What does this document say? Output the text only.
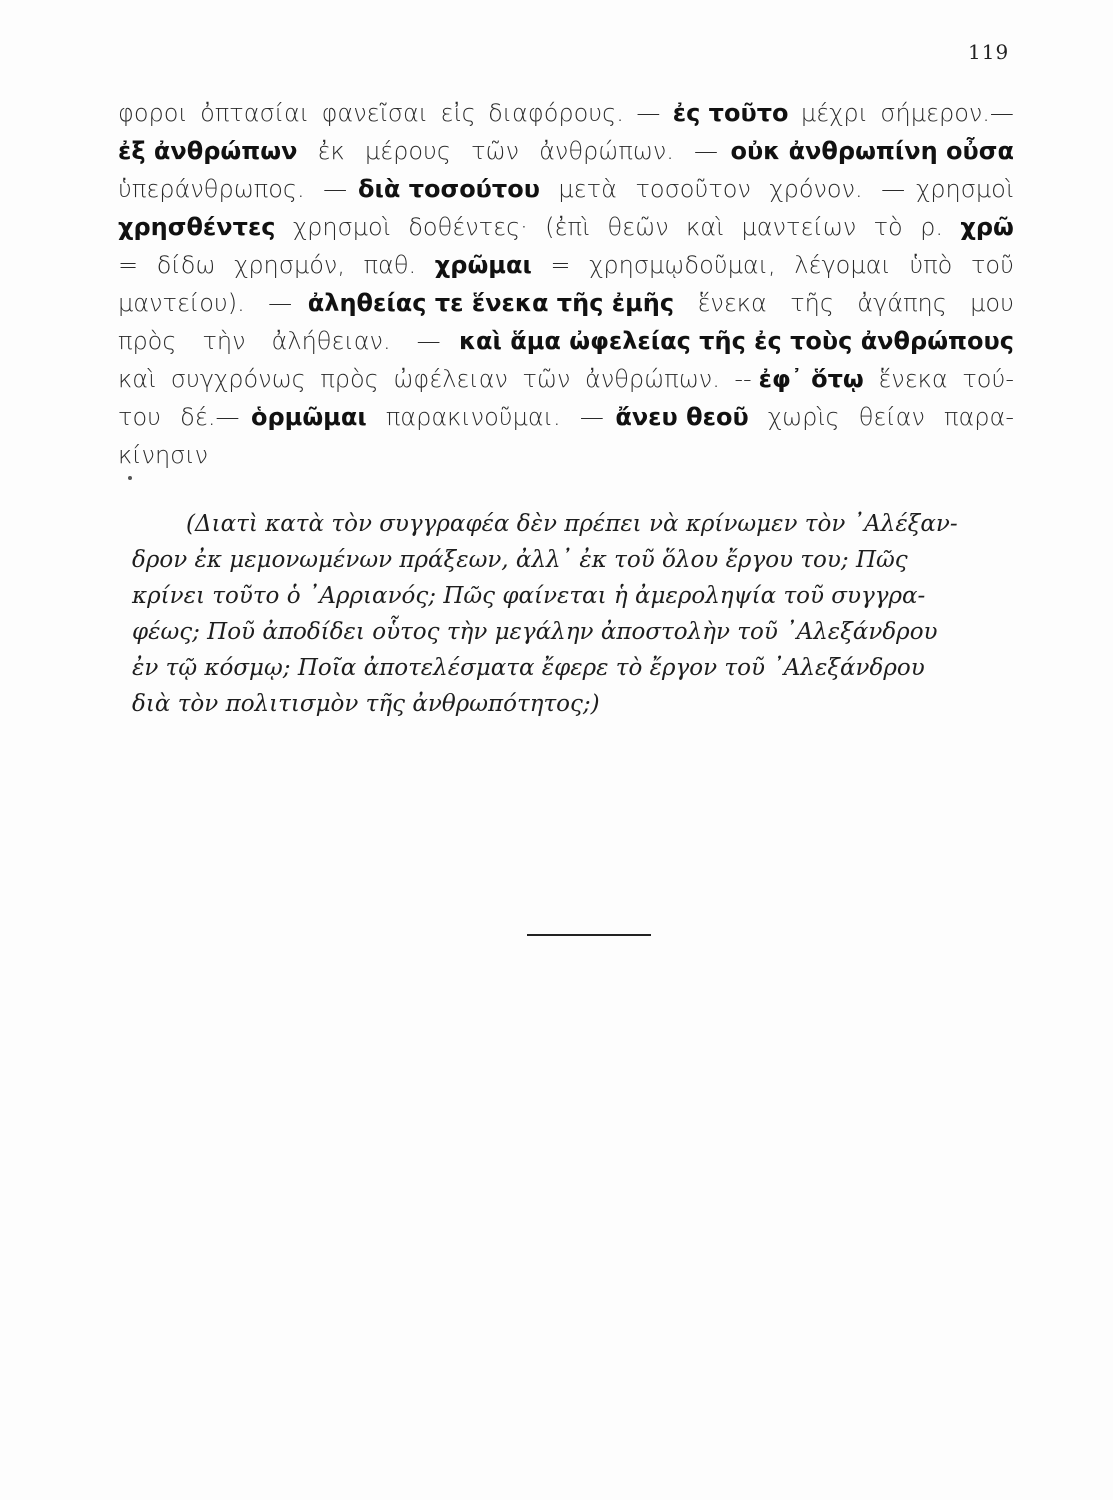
119
φοροι ὀπτασίαι φανεῖσαι εἰς διαφόρους. — ἐς τοῦτο μέχρι σήμερον.—
ἐξ ἀνθρώπων ἐκ μέρους τῶν ἀνθρώπων. — οὐκ ἀνθρωπίνη οὖσα
ὑπεράνθρωπος. — διὰ τοσούτου μετὰ τοσοῦτον χρόνον. — χρησμοὶ
χρησθέντες χρησμοὶ δοθέντες· (ἐπὶ θεῶν καὶ μαντείων τὸ ρ. χρῶ
= δίδω χρησμόν, παθ. χρῶμαι = χρησμῳδοῦμαι, λέγομαι ὑπὸ τοῦ
μαντείου). — ἀληθείας τε ἕνεκα τῆς ἐμῆς ἕνεκα τῆς ἀγάπης μου
πρὸς τὴν ἀλήθειαν. — καὶ ἅμα ὠφελείας τῆς ἐς τοὺς ἀνθρώπους
καὶ συγχρόνως πρὸς ὠφέλειαν τῶν ἀνθρώπων. -- ἐφ᾽ ὅτῳ ἕνεκα τού-
του δέ.— ὁρμῶμαι παρακινοῦμαι. — ἄνευ θεοῦ χωρὶς θείαν παρα-
κίνησιν
(Διατὶ κατὰ τὸν συγγραφέα δὲν πρέπει νὰ κρίνωμεν τὸν ᾽Αλέξαν-
δρον ἐκ μεμονωμένων πράξεων, ἀλλ᾽ ἐκ τοῦ ὅλου ἔργου του; Πῶς
κρίνει τοῦτο ὁ ᾽Αρριανός; Πῶς φαίνεται ἡ ἀμεροληψία τοῦ συγγρα-
φέως; Ποῦ ἀποδίδει οὗτος τὴν μεγάλην ἀποστολὴν τοῦ ᾽Αλεξάνδρου
ἐν τῷ κόσμῳ; Ποῖα ἀποτελέσματα ἔφερε τὸ ἔργον τοῦ ᾽Αλεξάνδρου
διὰ τὸν πολιτισμὸν τῆς ἀνθρωπότητος;)
